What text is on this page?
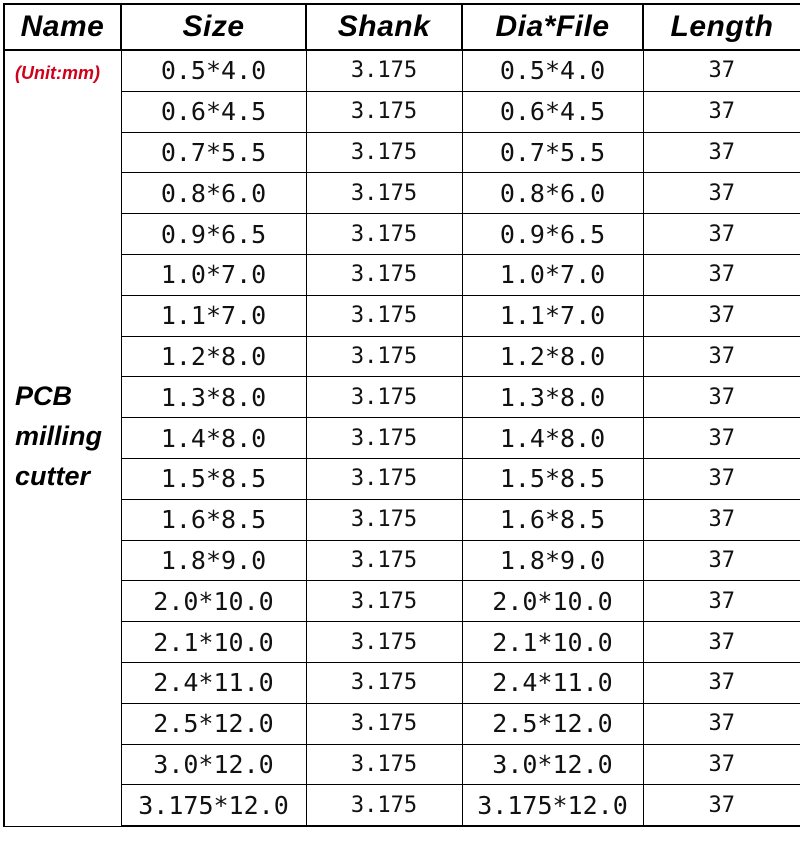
Name	Size	Shank	Dia*File	Length

(Unit:mm)
PCB
milling
cutter	0.5*4.0	3.175	0.5*4.0	37
	0.6*4.5	3.175	0.6*4.5	37
	0.7*5.5	3.175	0.7*5.5	37
	0.8*6.0	3.175	0.8*6.0	37
	0.9*6.5	3.175	0.9*6.5	37
	1.0*7.0	3.175	1.0*7.0	37
	1.1*7.0	3.175	1.1*7.0	37
	1.2*8.0	3.175	1.2*8.0	37
	1.3*8.0	3.175	1.3*8.0	37
	1.4*8.0	3.175	1.4*8.0	37
	1.5*8.5	3.175	1.5*8.5	37
	1.6*8.5	3.175	1.6*8.5	37
	1.8*9.0	3.175	1.8*9.0	37
	2.0*10.0	3.175	2.0*10.0	37
	2.1*10.0	3.175	2.1*10.0	37
	2.4*11.0	3.175	2.4*11.0	37
	2.5*12.0	3.175	2.5*12.0	37
	3.0*12.0	3.175	3.0*12.0	37
	3.175*12.0	3.175	3.175*12.0	37
